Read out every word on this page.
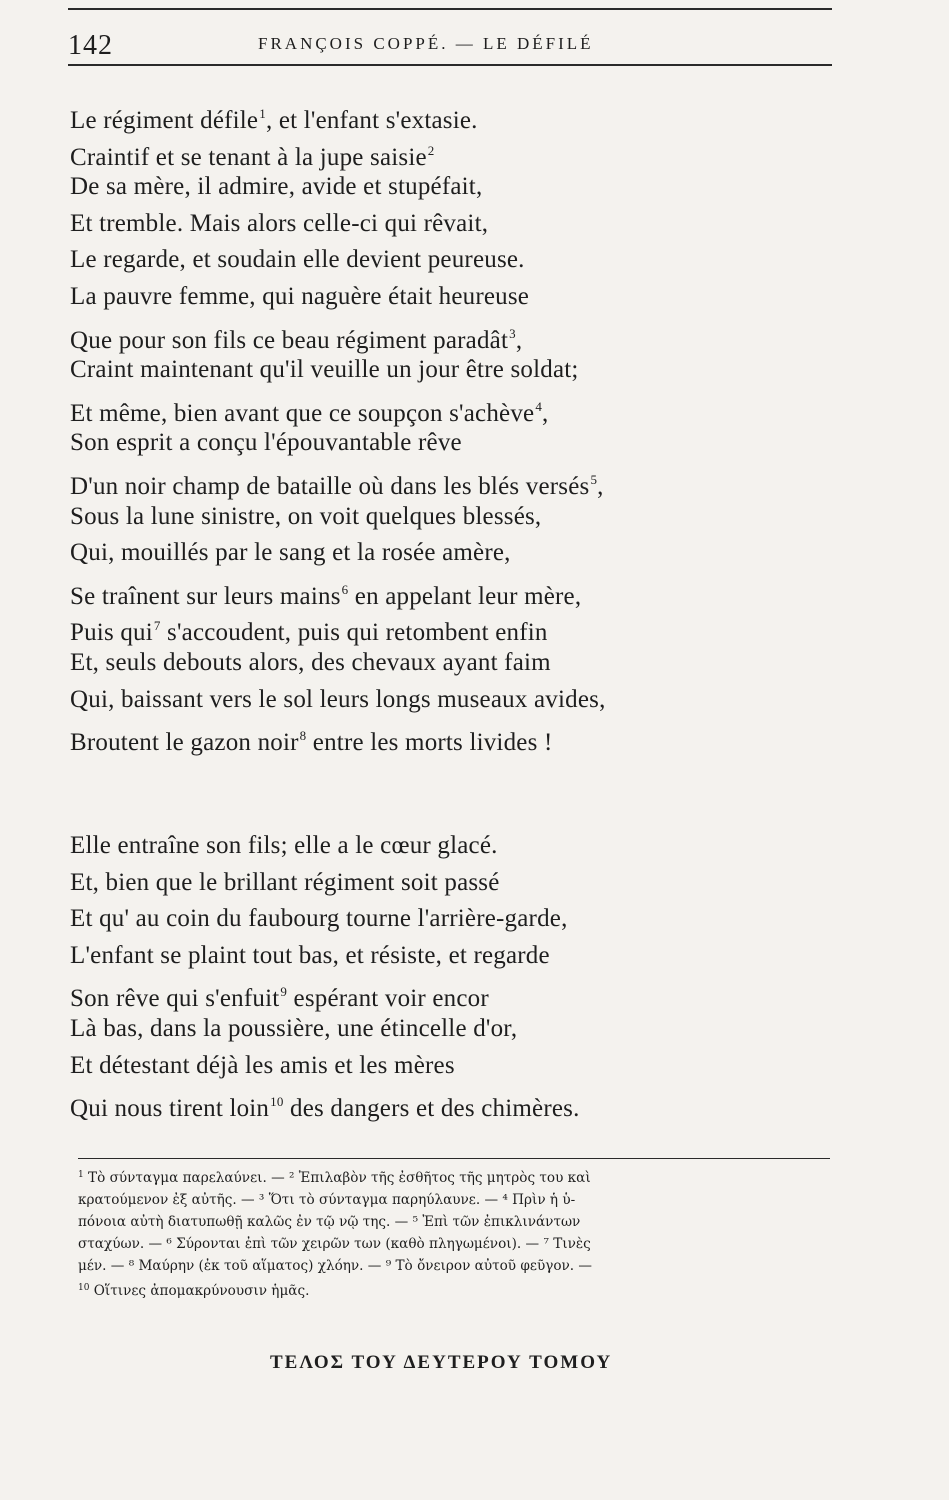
142	FRANÇOIS COPPÉ. — LE DÉFILÉ
Le régiment défile$^1$, et l'enfant s'extasie.
Craintif et se tenant à la jupe saisie$^2$
De sa mère, il admire, avide et stupéfait,
Et tremble. Mais alors celle-ci qui rêvait,
Le regarde, et soudain elle devient peureuse.
La pauvre femme, qui naguère était heureuse
Que pour son fils ce beau régiment paradât$^3$,
Craint maintenant qu'il veuille un jour être soldat;
Et même, bien avant que ce soupçon s'achève$^4$,
Son esprit a conçu l'épouvantable rêve
D'un noir champ de bataille où dans les blés versés$^5$,
Sous la lune sinistre, on voit quelques blessés,
Qui, mouillés par le sang et la rosée amère,
Se traînent sur leurs mains$^6$ en appelant leur mère,
Puis qui$^7$ s'accoudent, puis qui retombent enfin
Et, seuls debouts alors, des chevaux ayant faim
Qui, baissant vers le sol leurs longs museaux avides,
Broutent le gazon noir$^8$ entre les morts livides !
Elle entraîne son fils; elle a le cœur glacé.
Et, bien que le brillant régiment soit passé
Et qu' au coin du faubourg tourne l'arrière-garde,
L'enfant se plaint tout bas, et résiste, et regarde
Son rêve qui s'enfuit$^9$ espérant voir encor
Là bas, dans la poussière, une étincelle d'or,
Et détestant déjà les amis et les mères
Qui nous tirent loin$^{10}$ des dangers et des chimères.
$^1$ Τὸ σύνταγμα παρελαύνει. — ² Ἐπιλαβὸν τῆς ἐσθῆτος τῆς μητρὸς του καὶ
κρατούμενον ἐξ αὐτῆς. — ³ Ὅτι τὸ σύνταγμα παρηύλαυνε. — ⁴ Πρὶν ἡ ὑ-
πόνοια αὐτὴ διατυπωθῇ καλῶς ἐν τῷ νῷ της. — ⁵ Ἐπὶ τῶν ἐπικλινάντων
σταχύων. — ⁶ Σύρονται ἐπὶ τῶν χειρῶν των (καθὸ πληγωμένοι). — ⁷ Τινὲς
μέν. — ⁸ Μαύρην (ἐκ τοῦ αἵματος) χλόην. — ⁹ Τὸ ὄνειρον αὐτοῦ φεῦγον. —
$^{10}$ Οἵτινες ἀπομακρύνουσιν ἡμᾶς.
ΤΕΛΟΣ ΤΟΥ ΔΕΥΤΕΡΟΥ ΤΟΜΟΥ
